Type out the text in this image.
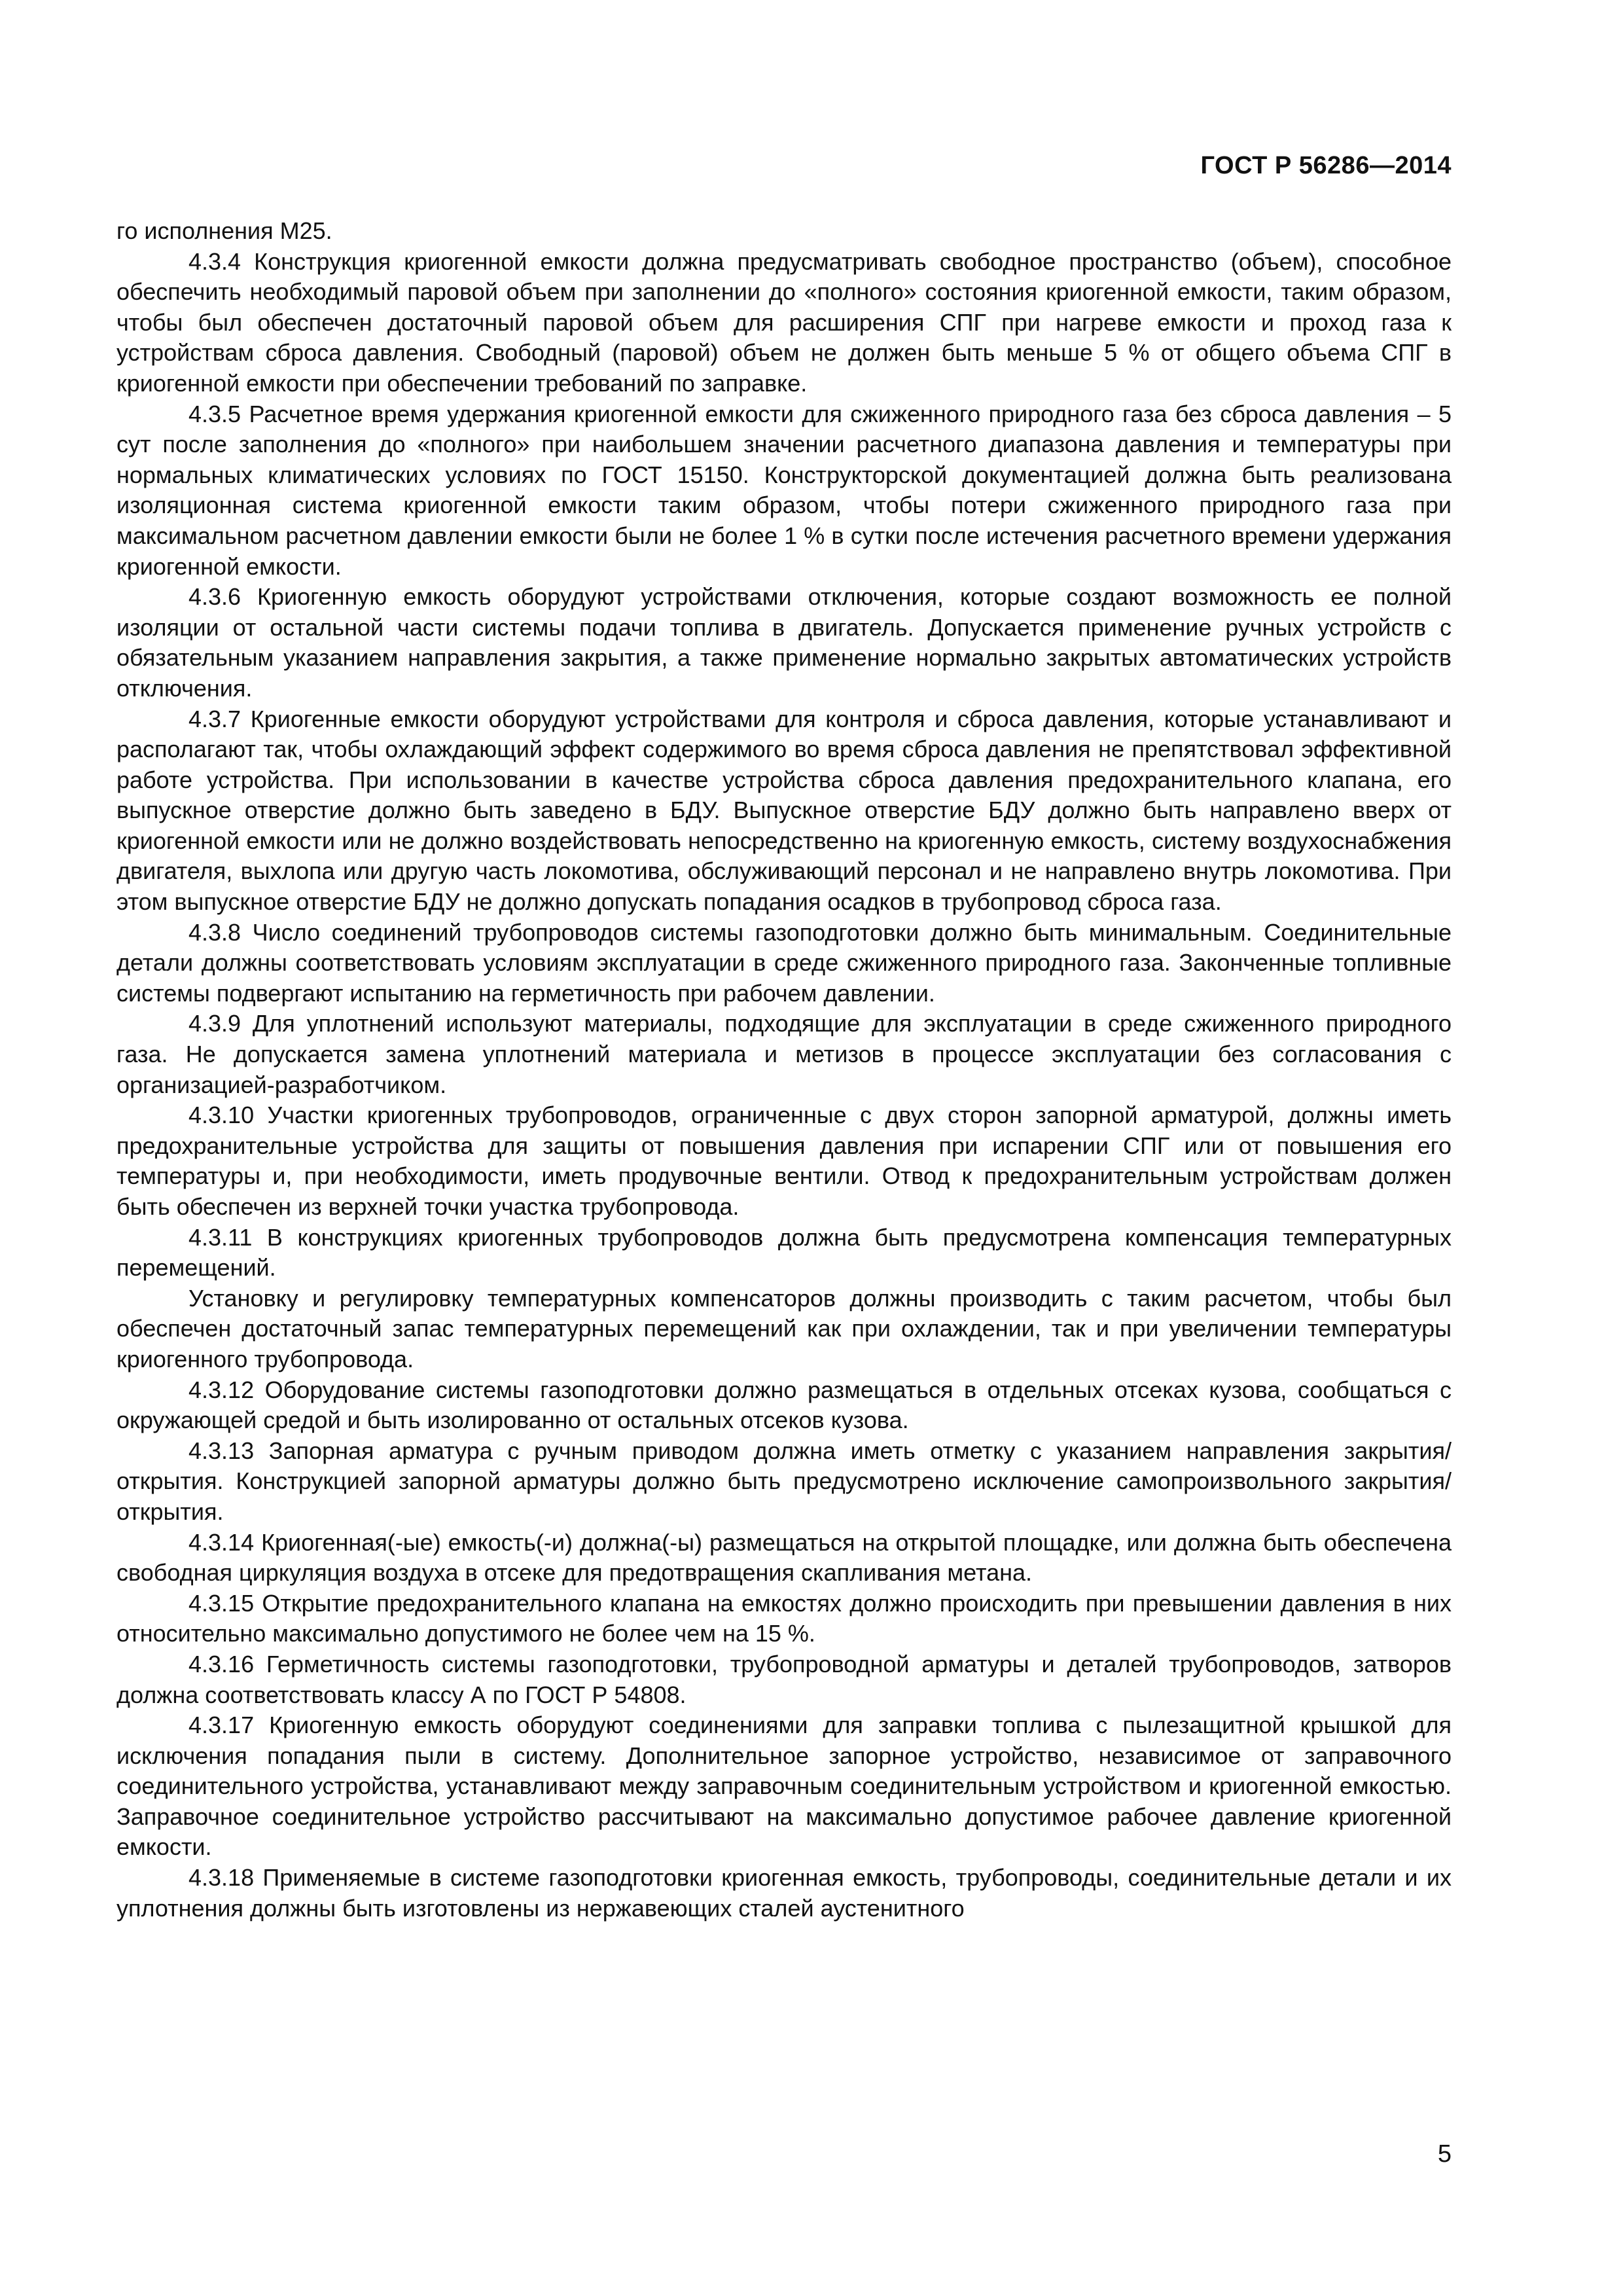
ГОСТ Р 56286—2014

го исполнения М25.

4.3.4 Конструкция криогенной емкости должна предусматривать свободное пространство (объем), способное обеспечить необходимый паровой объем при заполнении до «полного» состояния криогенной емкости, таким образом, чтобы был обеспечен достаточный паровой объем для расширения СПГ при нагреве емкости и проход газа к устройствам сброса давления. Свободный (паровой) объем не должен быть меньше 5 % от общего объема СПГ в криогенной емкости при обеспечении требований по заправке.

4.3.5 Расчетное время удержания криогенной емкости для сжиженного природного газа без сброса давления – 5 сут после заполнения до «полного» при наибольшем значении расчетного диапазона давления и температуры при нормальных климатических условиях по ГОСТ 15150. Конструкторской документацией должна быть реализована изоляционная система криогенной емкости таким образом, чтобы потери сжиженного природного газа при максимальном расчетном давлении емкости были не более 1 % в сутки после истечения расчетного времени удержания криогенной емкости.

4.3.6 Криогенную емкость оборудуют устройствами отключения, которые создают возможность ее полной изоляции от остальной части системы подачи топлива в двигатель. Допускается применение ручных устройств с обязательным указанием направления закрытия, а также применение нормально закрытых автоматических устройств отключения.

4.3.7 Криогенные емкости оборудуют устройствами для контроля и сброса давления, которые устанавливают и располагают так, чтобы охлаждающий эффект содержимого во время сброса давления не препятствовал эффективной работе устройства. При использовании в качестве устройства сброса давления предохранительного клапана, его выпускное отверстие должно быть заведено в БДУ. Выпускное отверстие БДУ должно быть направлено вверх от криогенной емкости или не должно воздействовать непосредственно на криогенную емкость, систему воздухоснабжения двигателя, выхлопа или другую часть локомотива, обслуживающий персонал и не направлено внутрь локомотива. При этом выпускное отверстие БДУ не должно допускать попадания осадков в трубопровод сброса газа.

4.3.8 Число соединений трубопроводов системы газоподготовки должно быть минимальным. Соединительные детали должны соответствовать условиям эксплуатации в среде сжиженного природного газа. Законченные топливные системы подвергают испытанию на герметичность при рабочем давлении.

4.3.9 Для уплотнений используют материалы, подходящие для эксплуатации в среде сжиженного природного газа. Не допускается замена уплотнений материала и метизов в процессе эксплуатации без согласования с организацией-разработчиком.

4.3.10 Участки криогенных трубопроводов, ограниченные с двух сторон запорной арматурой, должны иметь предохранительные устройства для защиты от повышения давления при испарении СПГ или от повышения его температуры и, при необходимости, иметь продувочные вентили. Отвод к предохранительным устройствам должен быть обеспечен из верхней точки участка трубопровода.

4.3.11 В конструкциях криогенных трубопроводов должна быть предусмотрена компенсация температурных перемещений.

Установку и регулировку температурных компенсаторов должны производить с таким расчетом, чтобы был обеспечен достаточный запас температурных перемещений как при охлаждении, так и при увеличении температуры криогенного трубопровода.

4.3.12 Оборудование системы газоподготовки должно размещаться в отдельных отсеках кузова, сообщаться с окружающей средой и быть изолированно от остальных отсеков кузова.

4.3.13 Запорная арматура с ручным приводом должна иметь отметку с указанием направления закрытия/открытия. Конструкцией запорной арматуры должно быть предусмотрено исключение самопроизвольного закрытия/открытия.

4.3.14 Криогенная(-ые) емкость(-и) должна(-ы) размещаться на открытой площадке, или должна быть обеспечена свободная циркуляция воздуха в отсеке для предотвращения скапливания метана.

4.3.15 Открытие предохранительного клапана на емкостях должно происходить при превышении давления в них относительно максимально допустимого не более чем на 15 %.

4.3.16 Герметичность системы газоподготовки, трубопроводной арматуры и деталей трубопроводов, затворов должна соответствовать классу А по ГОСТ Р 54808.

4.3.17 Криогенную емкость оборудуют соединениями для заправки топлива с пылезащитной крышкой для исключения попадания пыли в систему. Дополнительное запорное устройство, независимое от заправочного соединительного устройства, устанавливают между заправочным соединительным устройством и криогенной емкостью. Заправочное соединительное устройство рассчитывают на максимально допустимое рабочее давление криогенной емкости.

4.3.18 Применяемые в системе газоподготовки криогенная емкость, трубопроводы, соединительные детали и их уплотнения должны быть изготовлены из нержавеющих сталей аустенитного

5
